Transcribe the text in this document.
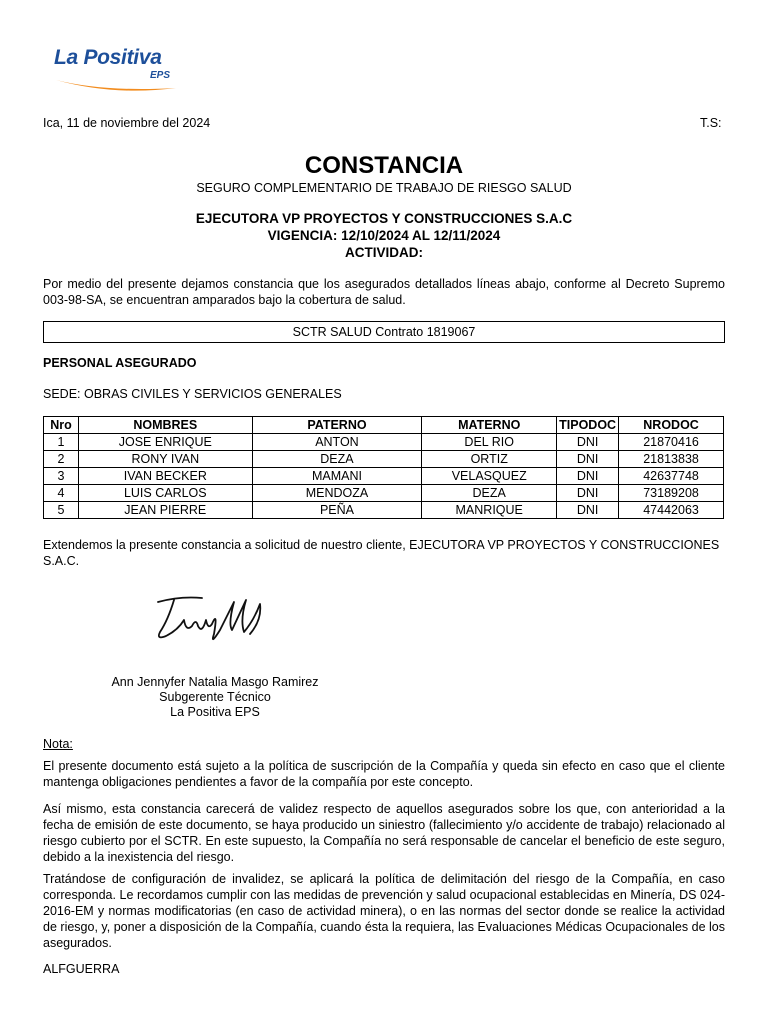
La Positiva
EPS
Ica, 11 de noviembre del 2024	T.S:
CONSTANCIA
SEGURO COMPLEMENTARIO DE TRABAJO DE RIESGO SALUD
EJECUTORA VP PROYECTOS Y CONSTRUCCIONES S.A.C
VIGENCIA: 12/10/2024 AL 12/11/2024
ACTIVIDAD:
Por medio del presente dejamos constancia que los asegurados detallados líneas abajo, conforme al Decreto Supremo 003-98-SA, se encuentran amparados bajo la cobertura de salud.
SCTR SALUD Contrato 1819067
PERSONAL ASEGURADO
SEDE: OBRAS CIVILES Y SERVICIOS GENERALES
Nro	NOMBRES	PATERNO	MATERNO	TIPODOC	NRODOC
1	JOSE ENRIQUE	ANTON	DEL RIO	DNI	21870416
2	RONY IVAN	DEZA	ORTIZ	DNI	21813838
3	IVAN BECKER	MAMANI	VELASQUEZ	DNI	42637748
4	LUIS CARLOS	MENDOZA	DEZA	DNI	73189208
5	JEAN PIERRE	PEÑA	MANRIQUE	DNI	47442063
Extendemos la presente constancia a solicitud de nuestro cliente, EJECUTORA VP PROYECTOS Y CONSTRUCCIONES S.A.C.
Ann Jennyfer Natalia Masgo Ramirez
Subgerente Técnico
La Positiva EPS
Nota:
El presente documento está sujeto a la política de suscripción de la Compañía y queda sin efecto en caso que el cliente mantenga obligaciones pendientes a favor de la compañía por este concepto.
Así mismo, esta constancia carecerá de validez respecto de aquellos asegurados sobre los que, con anterioridad a la fecha de emisión de este documento, se haya producido un siniestro (fallecimiento y/o accidente de trabajo) relacionado al riesgo cubierto por el SCTR. En este supuesto, la Compañía no será responsable de cancelar el beneficio de este seguro, debido a la inexistencia del riesgo.
Tratándose de configuración de invalidez, se aplicará la política de delimitación del riesgo de la Compañía, en caso corresponda. Le recordamos cumplir con las medidas de prevención y salud ocupacional establecidas en Minería, DS 024-2016-EM y normas modificatorias (en caso de actividad minera), o en las normas del sector donde se realice la actividad de riesgo, y, poner a disposición de la Compañía, cuando ésta la requiera, las Evaluaciones Médicas Ocupacionales de los asegurados.
ALFGUERRA
